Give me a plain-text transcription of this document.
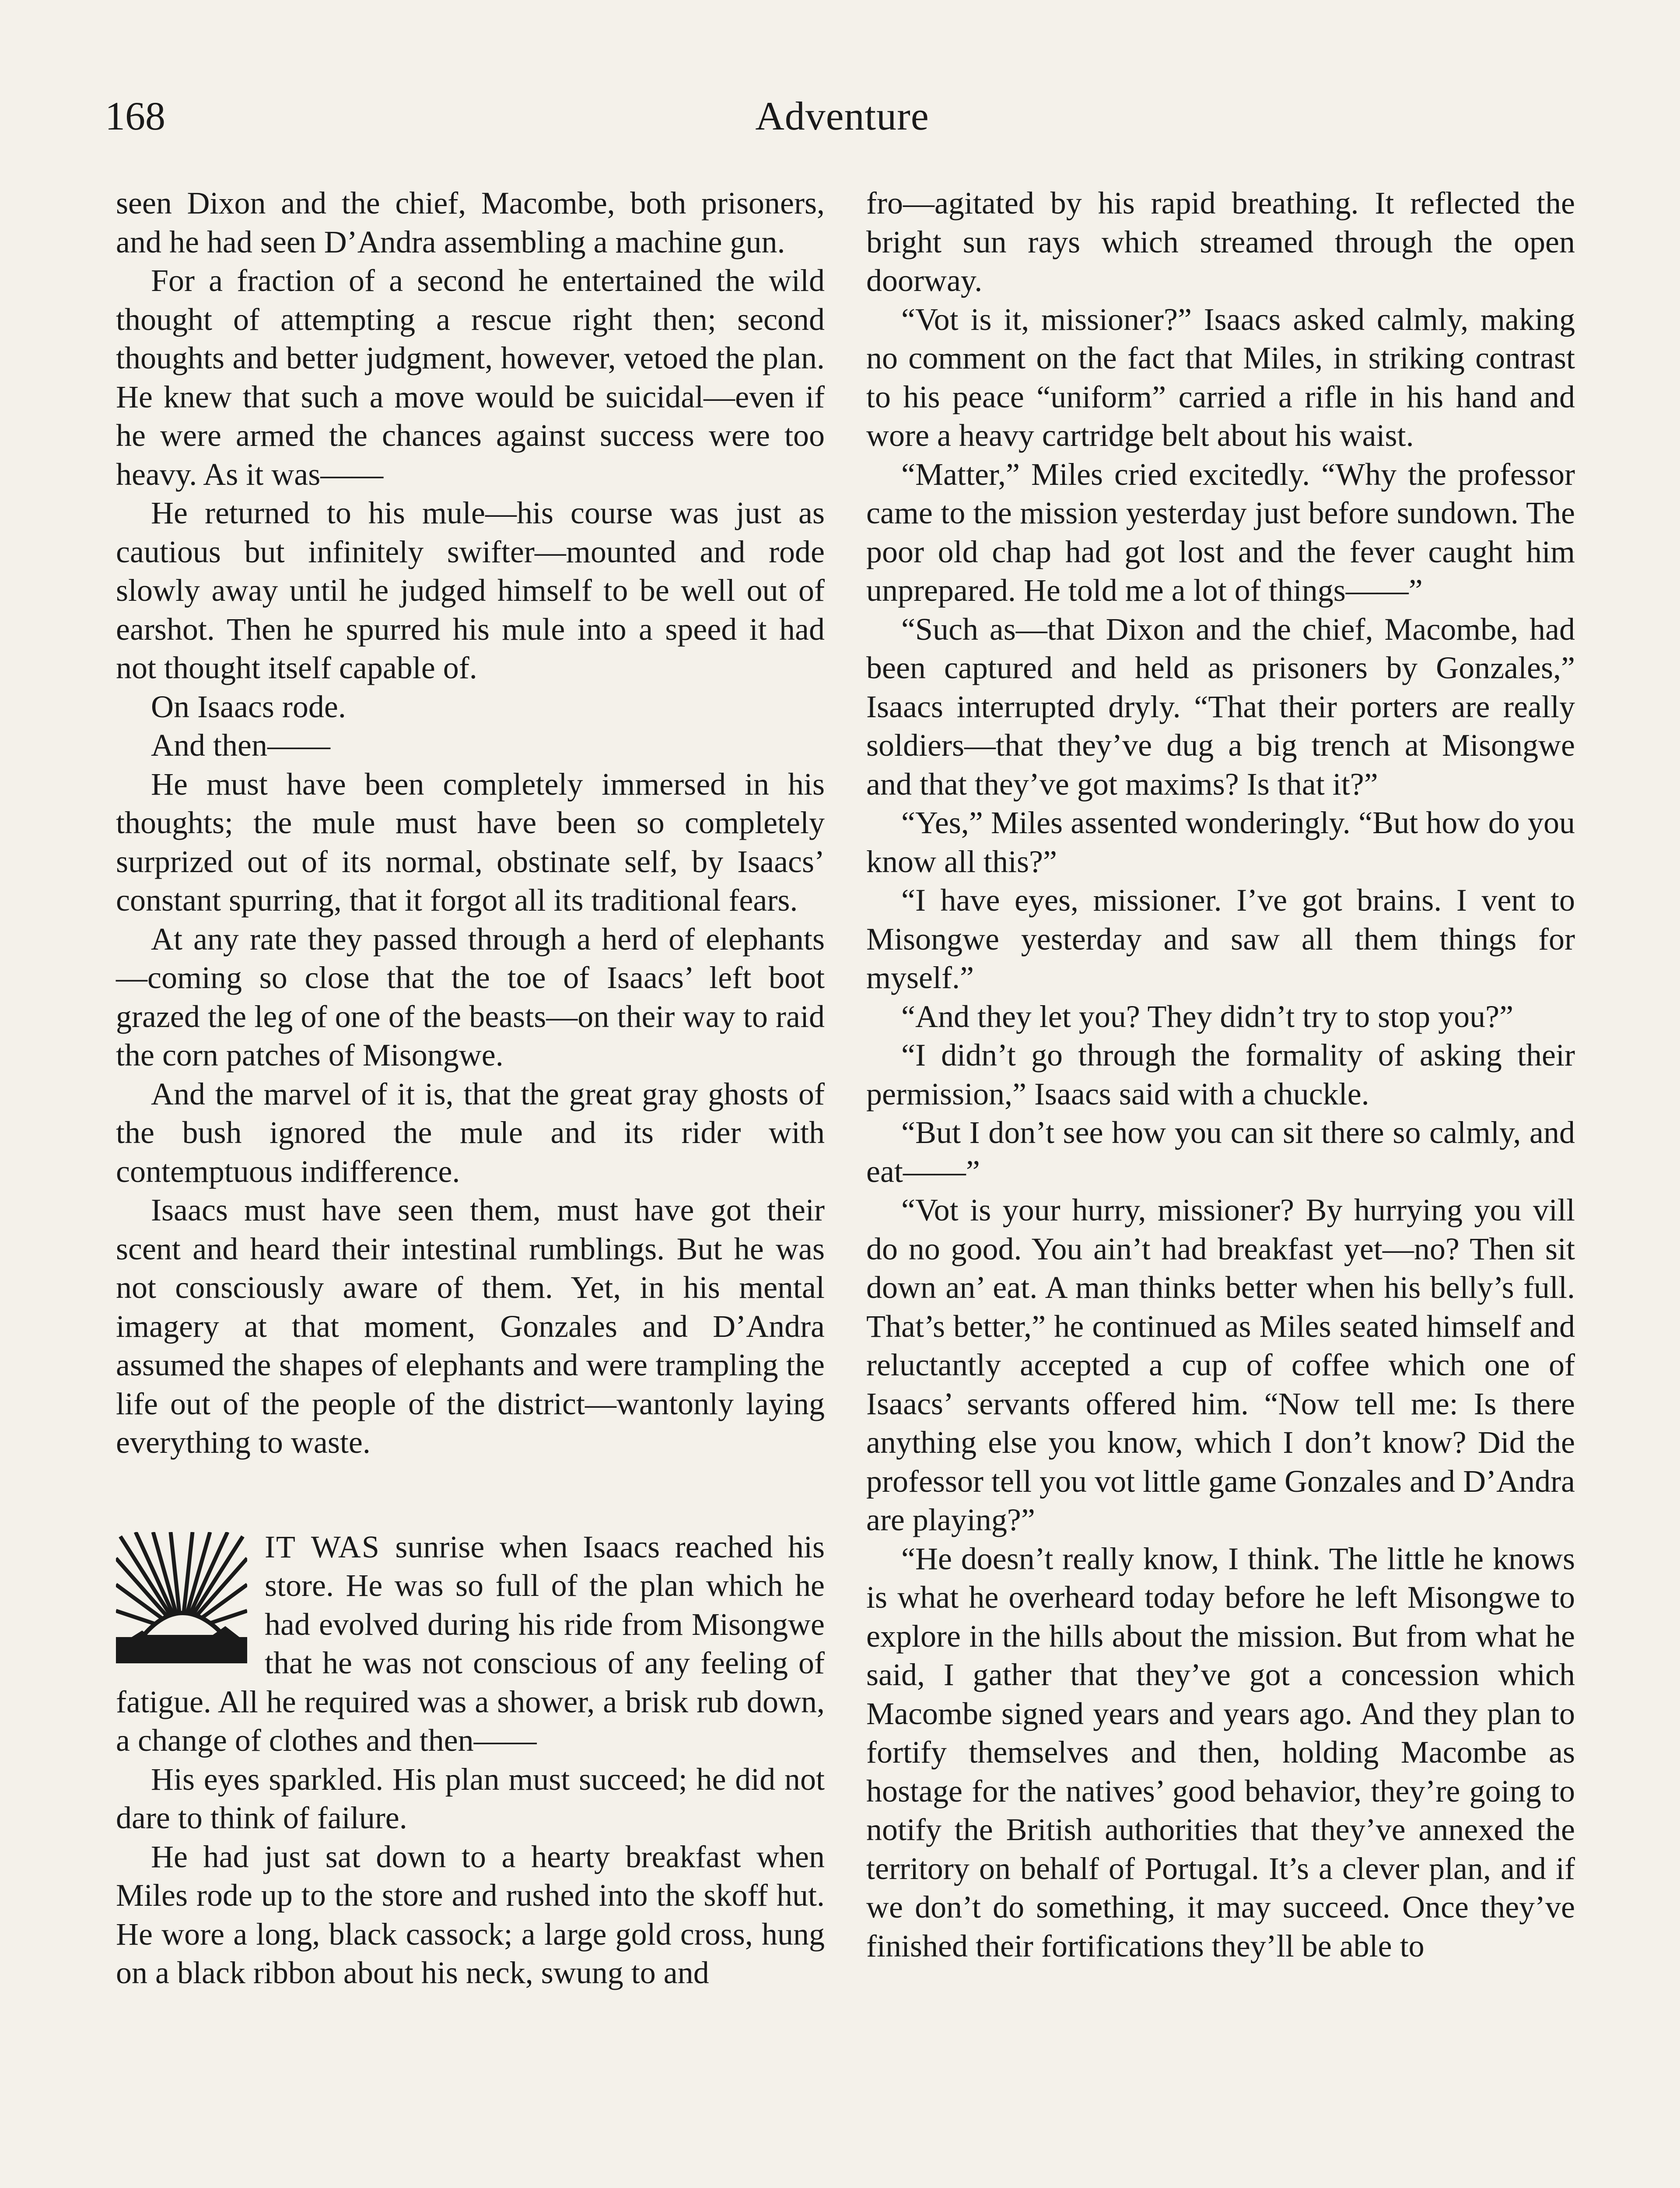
168	Adventure

seen Dixon and the chief, Macombe, both prisoners, and he had seen D’Andra assembling a machine gun.

For a fraction of a second he entertained the wild thought of attempting a rescue right then; second thoughts and better judgment, however, vetoed the plan. He knew that such a move would be suicidal—even if he were armed the chances against success were too heavy. As it was——

He returned to his mule—his course was just as cautious but infinitely swifter—mounted and rode slowly away until he judged himself to be well out of earshot. Then he spurred his mule into a speed it had not thought itself capable of.

On Isaacs rode.

And then——

He must have been completely immersed in his thoughts; the mule must have been so completely surprized out of its normal, obstinate self, by Isaacs’ constant spurring, that it forgot all its traditional fears.

At any rate they passed through a herd of elephants—coming so close that the toe of Isaacs’ left boot grazed the leg of one of the beasts—on their way to raid the corn patches of Misongwe.

And the marvel of it is, that the great gray ghosts of the bush ignored the mule and its rider with contemptuous indifference.

Isaacs must have seen them, must have got their scent and heard their intestinal rumblings. But he was not consciously aware of them. Yet, in his mental imagery at that moment, Gonzales and D’Andra assumed the shapes of elephants and were trampling the life out of the people of the district—wantonly laying everything to waste.

IT WAS sunrise when Isaacs reached his store. He was so full of the plan which he had evolved during his ride from Misongwe that he was not conscious of any feeling of fatigue. All he required was a shower, a brisk rub down, a change of clothes and then——

His eyes sparkled. His plan must succeed; he did not dare to think of failure.

He had just sat down to a hearty breakfast when Miles rode up to the store and rushed into the skoff hut. He wore a long, black cassock; a large gold cross, hung on a black ribbon about his neck, swung to and

fro—agitated by his rapid breathing. It reflected the bright sun rays which streamed through the open doorway.

“Vot is it, missioner?” Isaacs asked calmly, making no comment on the fact that Miles, in striking contrast to his peace “uniform” carried a rifle in his hand and wore a heavy cartridge belt about his waist.

“Matter,” Miles cried excitedly. “Why the professor came to the mission yesterday just before sundown. The poor old chap had got lost and the fever caught him unprepared. He told me a lot of things——”

“Such as—that Dixon and the chief, Macombe, had been captured and held as prisoners by Gonzales,” Isaacs interrupted dryly. “That their porters are really soldiers—that they’ve dug a big trench at Misongwe and that they’ve got maxims? Is that it?”

“Yes,” Miles assented wonderingly. “But how do you know all this?”

“I have eyes, missioner. I’ve got brains. I vent to Misongwe yesterday and saw all them things for myself.”

“And they let you? They didn’t try to stop you?”

“I didn’t go through the formality of asking their permission,” Isaacs said with a chuckle.

“But I don’t see how you can sit there so calmly, and eat——”

“Vot is your hurry, missioner? By hurrying you vill do no good. You ain’t had breakfast yet—no? Then sit down an’ eat. A man thinks better when his belly’s full. That’s better,” he continued as Miles seated himself and reluctantly accepted a cup of coffee which one of Isaacs’ servants offered him. “Now tell me: Is there anything else you know, which I don’t know? Did the professor tell you vot little game Gonzales and D’Andra are playing?”

“He doesn’t really know, I think. The little he knows is what he overheard today before he left Misongwe to explore in the hills about the mission. But from what he said, I gather that they’ve got a concession which Macombe signed years and years ago. And they plan to fortify themselves and then, holding Macombe as hostage for the natives’ good behavior, they’re going to notify the British authorities that they’ve annexed the territory on behalf of Portugal. It’s a clever plan, and if we don’t do something, it may succeed. Once they’ve finished their fortifications they’ll be able to
